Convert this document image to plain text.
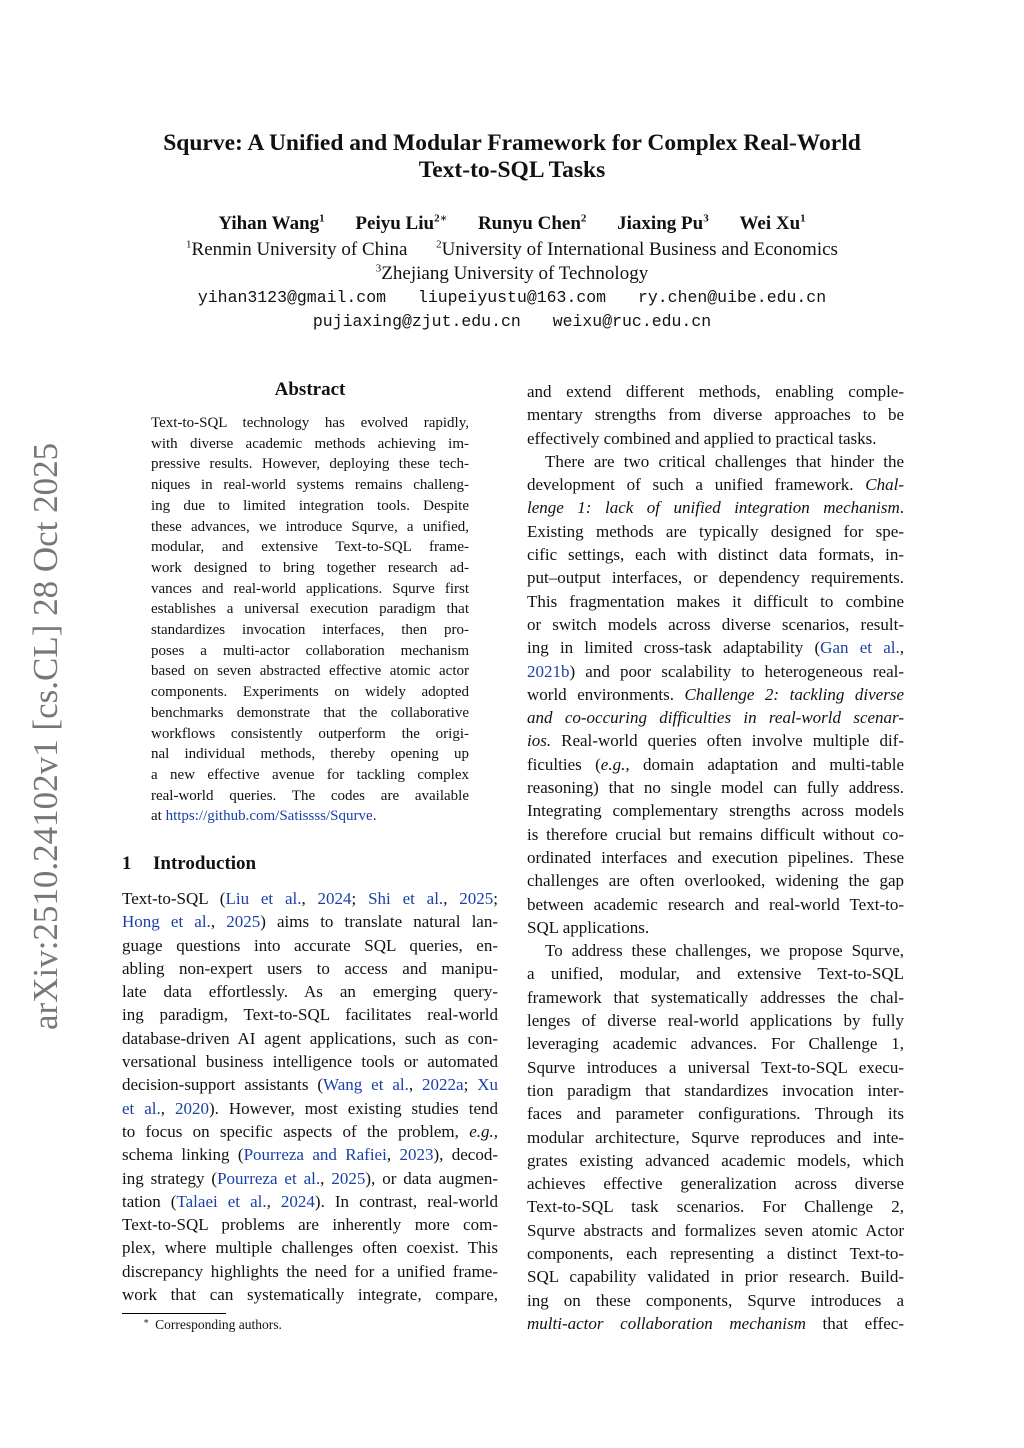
Squrve: A Unified and Modular Framework for Complex Real-World
Text-to-SQL Tasks
Yihan Wang$^1$ Peiyu Liu$^{2∗}$ Runyu Chen$^2$ Jiaxing Pu$^3$ Wei Xu$^1$
$^1$Renmin University of China	$^2$University of International Business and Economics
$^3$Zhejiang University of Technology
yihan3123@gmail.com liupeiyustu@163.com ry.chen@uibe.edu.cn
pujiaxing@zjut.edu.cn weixu@ruc.edu.cn
arXiv:2510.24102v1 [cs.CL] 28 Oct 2025
Abstract
Text-to-SQL technology has evolved rapidly,
with diverse academic methods achieving im-
pressive results. However, deploying these tech-
niques in real-world systems remains challeng-
ing due to limited integration tools. Despite
these advances, we introduce Squrve, a unified,
modular, and extensive Text-to-SQL frame-
work designed to bring together research ad-
vances and real-world applications. Squrve first
establishes a universal execution paradigm that
standardizes invocation interfaces, then pro-
poses a multi-actor collaboration mechanism
based on seven abstracted effective atomic actor
components. Experiments on widely adopted
benchmarks demonstrate that the collaborative
workflows consistently outperform the origi-
nal individual methods, thereby opening up
a new effective avenue for tackling complex
real-world queries. The codes are available
at https://github.com/Satissss/Squrve.
1 Introduction
Text-to-SQL (Liu et al., 2024; Shi et al., 2025;
Hong et al., 2025) aims to translate natural lan-
guage questions into accurate SQL queries, en-
abling non-expert users to access and manipu-
late data effortlessly. As an emerging query-
ing paradigm, Text-to-SQL facilitates real-world
database-driven AI agent applications, such as con-
versational business intelligence tools or automated
decision-support assistants (Wang et al., 2022a; Xu
et al., 2020). However, most existing studies tend
to focus on specific aspects of the problem, e.g.,
schema linking (Pourreza and Rafiei, 2023), decod-
ing strategy (Pourreza et al., 2025), or data augmen-
tation (Talaei et al., 2024). In contrast, real-world
Text-to-SQL problems are inherently more com-
plex, where multiple challenges often coexist. This
discrepancy highlights the need for a unified frame-
work that can systematically integrate, compare,
and extend different methods, enabling comple-
mentary strengths from diverse approaches to be
effectively combined and applied to practical tasks.
There are two critical challenges that hinder the
development of such a unified framework. Chal-
lenge 1: lack of unified integration mechanism.
Existing methods are typically designed for spe-
cific settings, each with distinct data formats, in-
put–output interfaces, or dependency requirements.
This fragmentation makes it difficult to combine
or switch models across diverse scenarios, result-
ing in limited cross-task adaptability (Gan et al.,
2021b) and poor scalability to heterogeneous real-
world environments. Challenge 2: tackling diverse
and co-occuring difficulties in real-world scenar-
ios. Real-world queries often involve multiple dif-
ficulties (e.g., domain adaptation and multi-table
reasoning) that no single model can fully address.
Integrating complementary strengths across models
is therefore crucial but remains difficult without co-
ordinated interfaces and execution pipelines. These
challenges are often overlooked, widening the gap
between academic research and real-world Text-to-
SQL applications.
To address these challenges, we propose Squrve,
a unified, modular, and extensive Text-to-SQL
framework that systematically addresses the chal-
lenges of diverse real-world applications by fully
leveraging academic advances. For Challenge 1,
Squrve introduces a universal Text-to-SQL execu-
tion paradigm that standardizes invocation inter-
faces and parameter configurations. Through its
modular architecture, Squrve reproduces and inte-
grates existing advanced academic models, which
achieves effective generalization across diverse
Text-to-SQL task scenarios. For Challenge 2,
Squrve abstracts and formalizes seven atomic Actor
components, each representing a distinct Text-to-
SQL capability validated in prior research. Build-
ing on these components, Squrve introduces a
multi-actor collaboration mechanism that effec-
∗ Corresponding authors.
